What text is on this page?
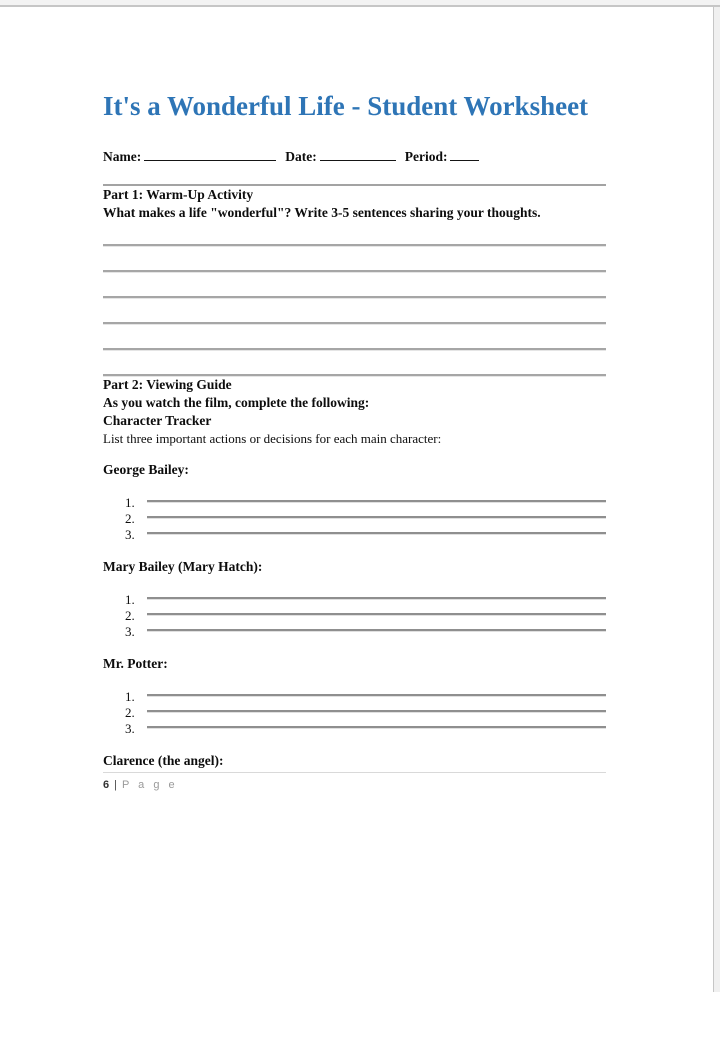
It's a Wonderful Life - Student Worksheet
Name:	Date:	Period:

Part 1: Warm-Up Activity

What makes a life "wonderful"? Write 3-5 sentences sharing your thoughts.

Part 2: Viewing Guide

As you watch the film, complete the following:

Character Tracker

List three important actions or decisions for each main character:

George Bailey:
1.
2.
3.
Mary Bailey (Mary Hatch):
1.
2.
3.
Mr. Potter:
1.
2.
3.
Clarence (the angel):
6 | P a g e
